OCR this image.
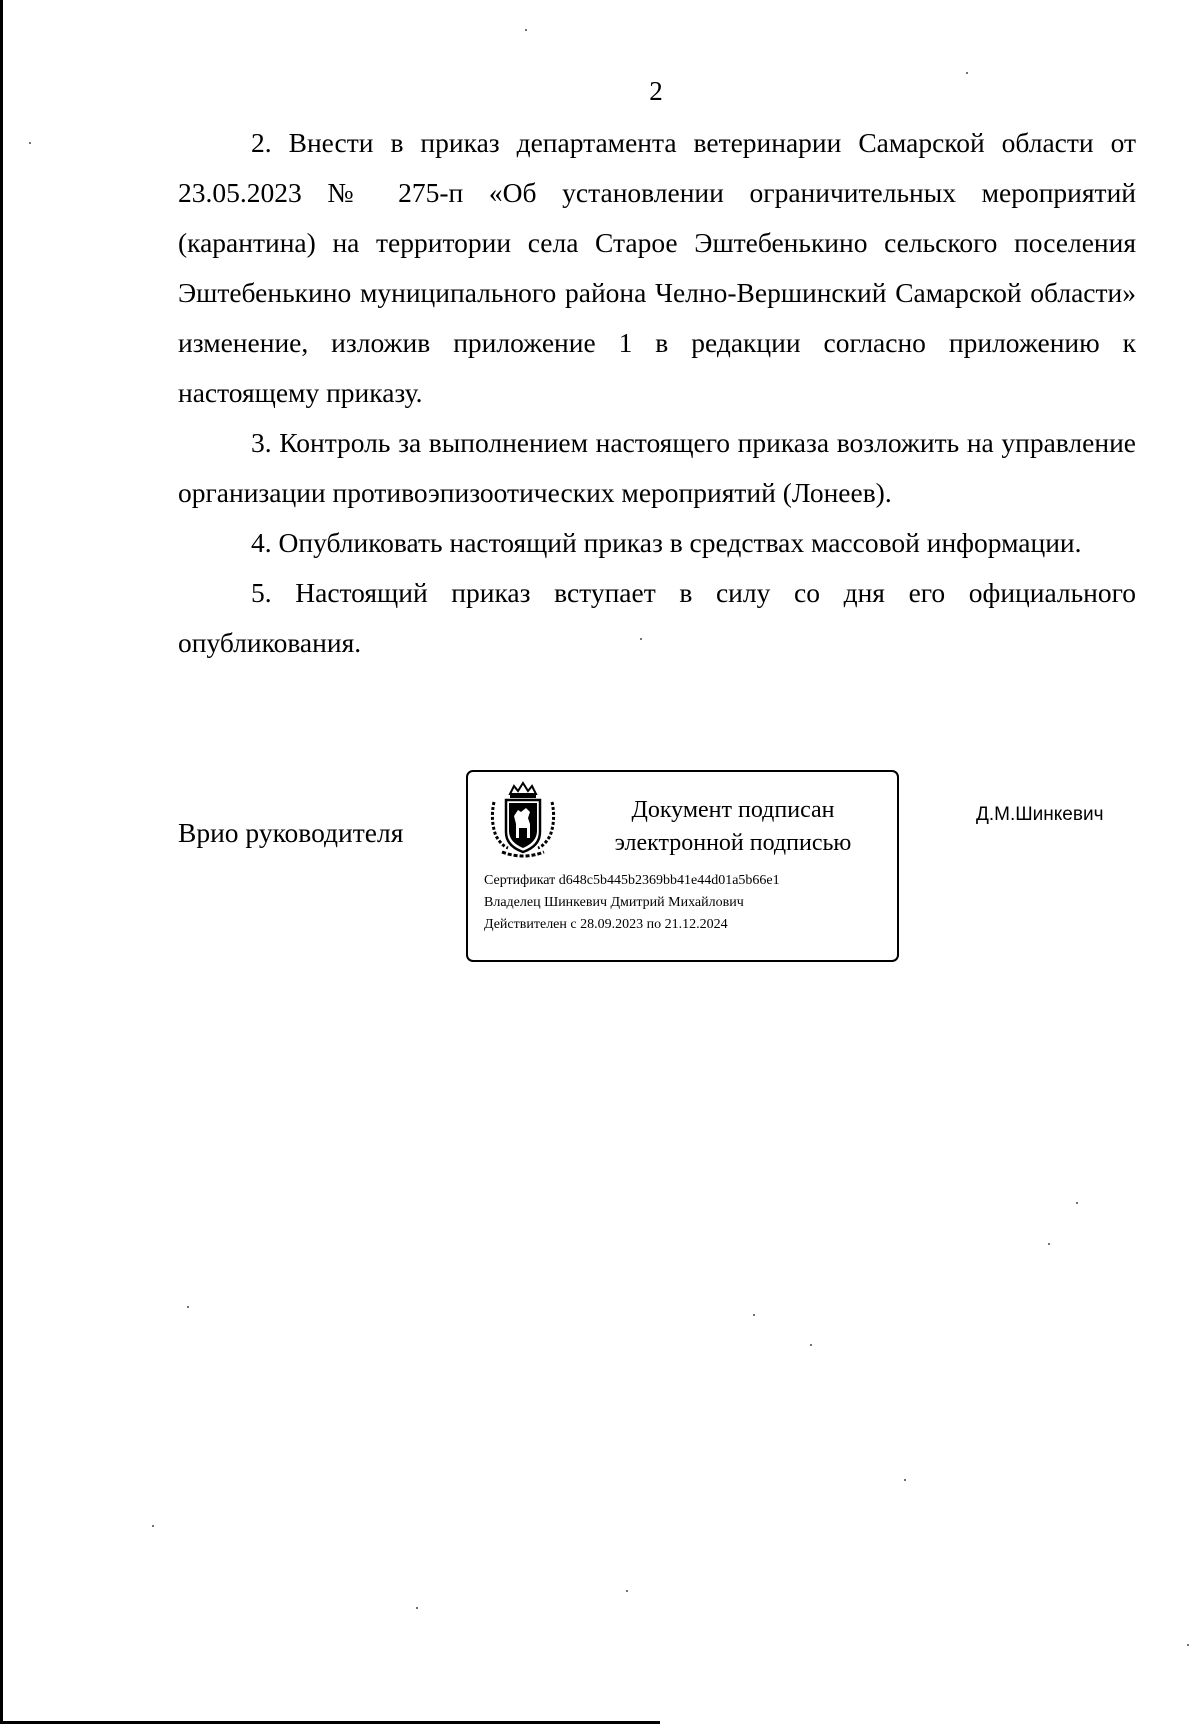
2

2. Внести в приказ департамента ветеринарии Самарской области от 23.05.2023 № 275-п «Об установлении ограничительных мероприятий (карантина) на территории села Старое Эштебенькино сельского поселения Эштебенькино муниципального района Челно-Вершинский Самарской области» изменение, изложив приложение 1 в редакции согласно приложению к настоящему приказу.

3. Контроль за выполнением настоящего приказа возложить на управление организации противоэпизоотических мероприятий (Лонеев).

4. Опубликовать настоящий приказ в средствах массовой информации.

5. Настоящий приказ вступает в силу со дня его официального опубликования.

Врио руководителя
Документ подписан
электронной подписью
Сертификат d648c5b445b2369bb41e44d01a5b66e1
Владелец Шинкевич Дмитрий Михайлович
Действителен с 28.09.2023 по 21.12.2024
Д.М.Шинкевич
